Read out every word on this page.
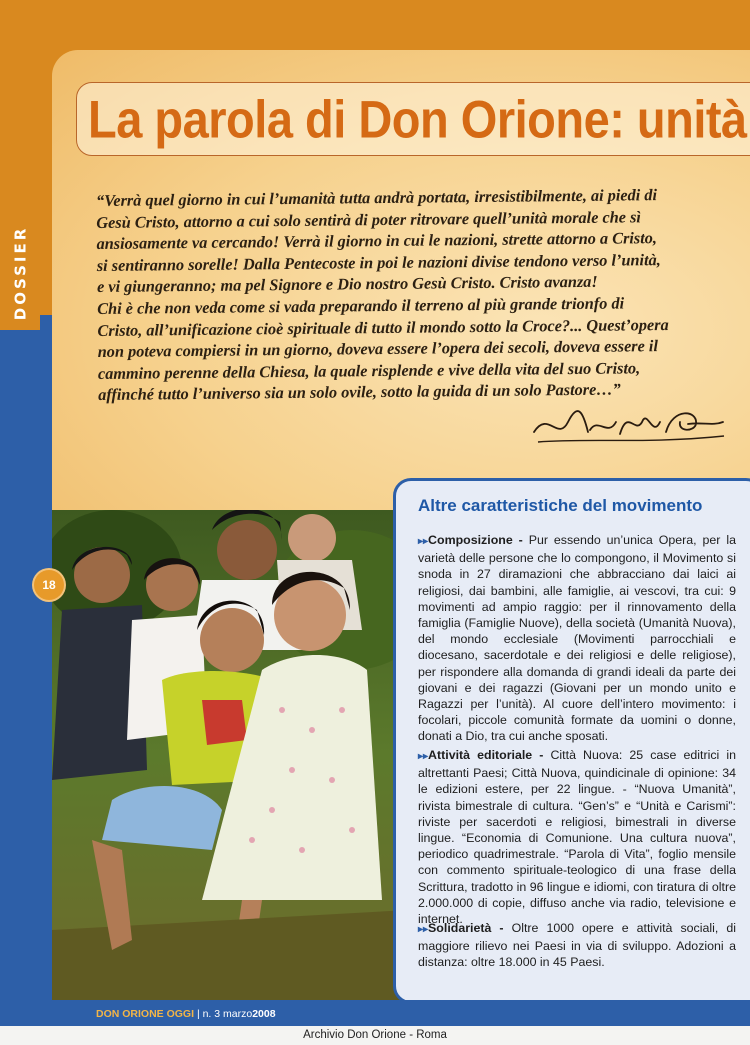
DOSSIER
La parola di Don Orione: unità
“Verrà quel giorno in cui l’umanità tutta andrà portata, irresistibilmente, ai piedi di
Gesù Cristo, attorno a cui solo sentirà di poter ritrovare quell’unità morale che sì
ansiosamente va cercando! Verrà il giorno in cui le nazioni, strette attorno a Cristo,
si sentiranno sorelle! Dalla Pentecoste in poi le nazioni divise tendono verso l’unità,
e vi giungeranno; ma pel Signore e Dio nostro Gesù Cristo. Cristo avanza!
Chi è che non veda come si vada preparando il terreno al più grande trionfo di
Cristo, all’unificazione cioè spirituale di tutto il mondo sotto la Croce?... Quest’opera
non poteva compiersi in un giorno, doveva essere l’opera dei secoli, doveva essere il
cammino perenne della Chiesa, la quale risplende e vive della vita del suo Cristo,
affinché tutto l’universo sia un solo ovile, sotto la guida di un solo Pastore…”
18
Altre caratteristiche del movimento

▸▸ Composizione - Pur essendo un’unica Opera, per la varietà delle persone che lo compongono, il Movimento si snoda in 27 diramazioni che abbracciano dai laici ai religiosi, dai bambini, alle famiglie, ai vescovi, tra cui: 9 movimenti ad ampio raggio: per il rinnovamento della famiglia (Famiglie Nuove), della società (Umanità Nuova), del mondo ecclesiale (Movimenti parrocchiali e diocesano, sacerdotale e dei religiosi e delle religiose), per rispondere alla domanda di grandi ideali da parte dei giovani e dei ragazzi (Giovani per un mondo unito e Ragazzi per l’unità). Al cuore dell’intero movimento: i focolari, piccole comunità formate da uomini o donne, donati a Dio, tra cui anche sposati.

▸▸ Attività editoriale - Città Nuova: 25 case editrici in altrettanti Paesi; Città Nuova, quindicinale di opinione: 34 le edizioni estere, per 22 lingue. - “Nuova Umanità”, rivista bimestrale di cultura. “Gen’s” e “Unità e Carismi”: riviste per sacerdoti e religiosi, bimestrali in diverse lingue. “Economia di Comunione. Una cultura nuova”, periodico quadrimestrale. “Parola di Vita”, foglio mensile con commento spirituale-teologico di una frase della Scrittura, tradotto in 96 lingue e idiomi, con tiratura di oltre 2.000.000 di copie, diffuso anche via radio, televisione e internet.

▸▸ Solidarietà - Oltre 1000 opere e attività sociali, di maggiore rilievo nei Paesi in via di sviluppo. Adozioni a distanza: oltre 18.000 in 45 Paesi.

DON ORIONE OGGI | n. 3 marzo2008
Archivio Don Orione - Roma
